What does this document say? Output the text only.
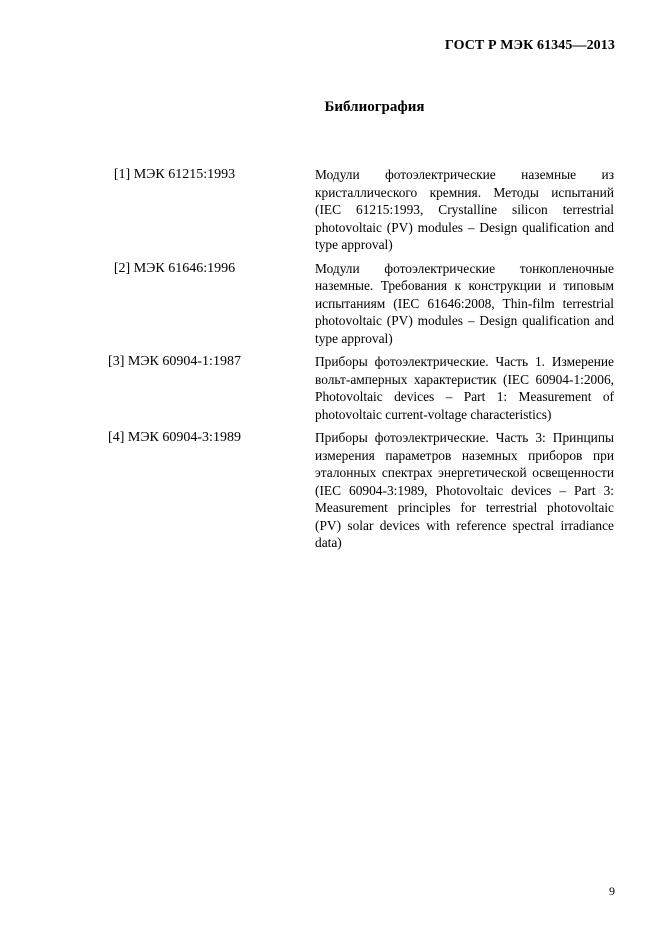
ГОСТ Р МЭК 61345—2013
Библиография
[1] МЭК 61215:1993	Модули фотоэлектрические наземные из кристаллического кремния. Методы испытаний (IEC 61215:1993, Crystalline silicon terrestrial photovoltaic (PV) modules – Design qualification and type approval)
[2] МЭК 61646:1996	Модули фотоэлектрические тонкопленочные наземные. Требования к конструкции и типовым испытаниям (IEC 61646:2008, Thin-film terrestrial photovoltaic (PV) modules – Design qualification and type approval)
[3] МЭК 60904-1:1987	Приборы фотоэлектрические. Часть 1. Измерение вольт-амперных характеристик (IEC 60904-1:2006, Photovoltaic devices – Part 1: Measurement of photovoltaic current-voltage characteristics)
[4] МЭК 60904-3:1989	Приборы фотоэлектрические. Часть 3: Принципы измерения параметров наземных приборов при эталонных спектрах энергетической освещенности (IEC 60904-3:1989, Photovoltaic devices – Part 3: Measurement principles for terrestrial photovoltaic (PV) solar devices with reference spectral irradiance data)
9
